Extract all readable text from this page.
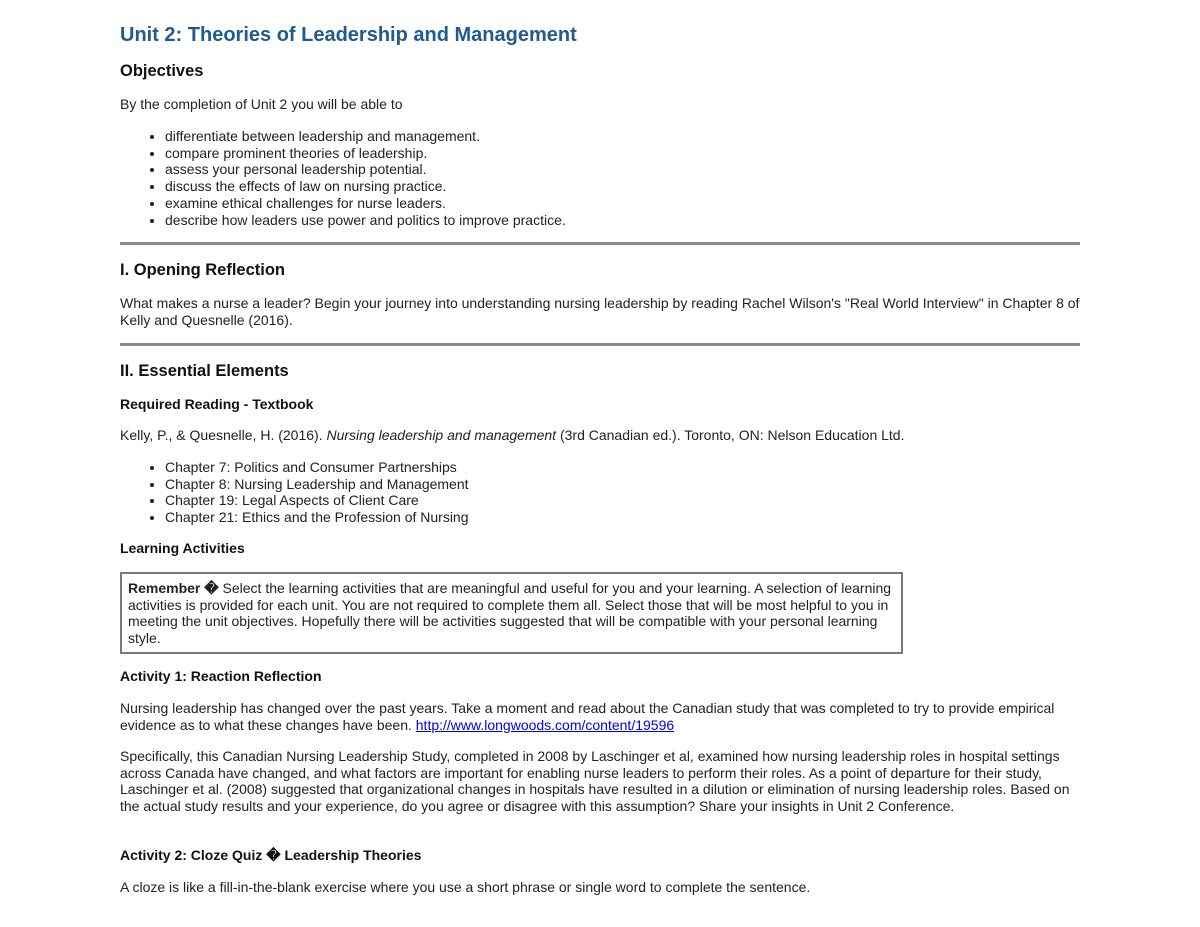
Unit 2: Theories of Leadership and Management
Objectives

By the completion of Unit 2 you will be able to

• differentiate between leadership and management.
• compare prominent theories of leadership.
• assess your personal leadership potential.
• discuss the effects of law on nursing practice.
• examine ethical challenges for nurse leaders.
• describe how leaders use power and politics to improve practice.
I. Opening Reflection

What makes a nurse a leader? Begin your journey into understanding nursing leadership by reading Rachel Wilson's "Real World Interview" in Chapter 8 of Kelly and Quesnelle (2016).

II. Essential Elements
Required Reading - Textbook

Kelly, P., & Quesnelle, H. (2016). Nursing leadership and management (3rd Canadian ed.). Toronto, ON: Nelson Education Ltd.

• Chapter 7: Politics and Consumer Partnerships
• Chapter 8: Nursing Leadership and Management
• Chapter 19: Legal Aspects of Client Care
• Chapter 21: Ethics and the Profession of Nursing
Learning Activities
Remember � Select the learning activities that are meaningful and useful for you and your learning. A selection of learning activities is provided for each unit. You are not required to complete them all. Select those that will be most helpful to you in meeting the unit objectives. Hopefully there will be activities suggested that will be compatible with your personal learning style.
Activity 1: Reaction Reflection

Nursing leadership has changed over the past years. Take a moment and read about the Canadian study that was completed to try to provide empirical evidence as to what these changes have been. http://www.longwoods.com/content/19596

Specifically, this Canadian Nursing Leadership Study, completed in 2008 by Laschinger et al, examined how nursing leadership roles in hospital settings across Canada have changed, and what factors are important for enabling nurse leaders to perform their roles. As a point of departure for their study, Laschinger et al. (2008) suggested that organizational changes in hospitals have resulted in a dilution or elimination of nursing leadership roles. Based on the actual study results and your experience, do you agree or disagree with this assumption? Share your insights in Unit 2 Conference.

Activity 2: Cloze Quiz � Leadership Theories

A cloze is like a fill-in-the-blank exercise where you use a short phrase or single word to complete the sentence.
